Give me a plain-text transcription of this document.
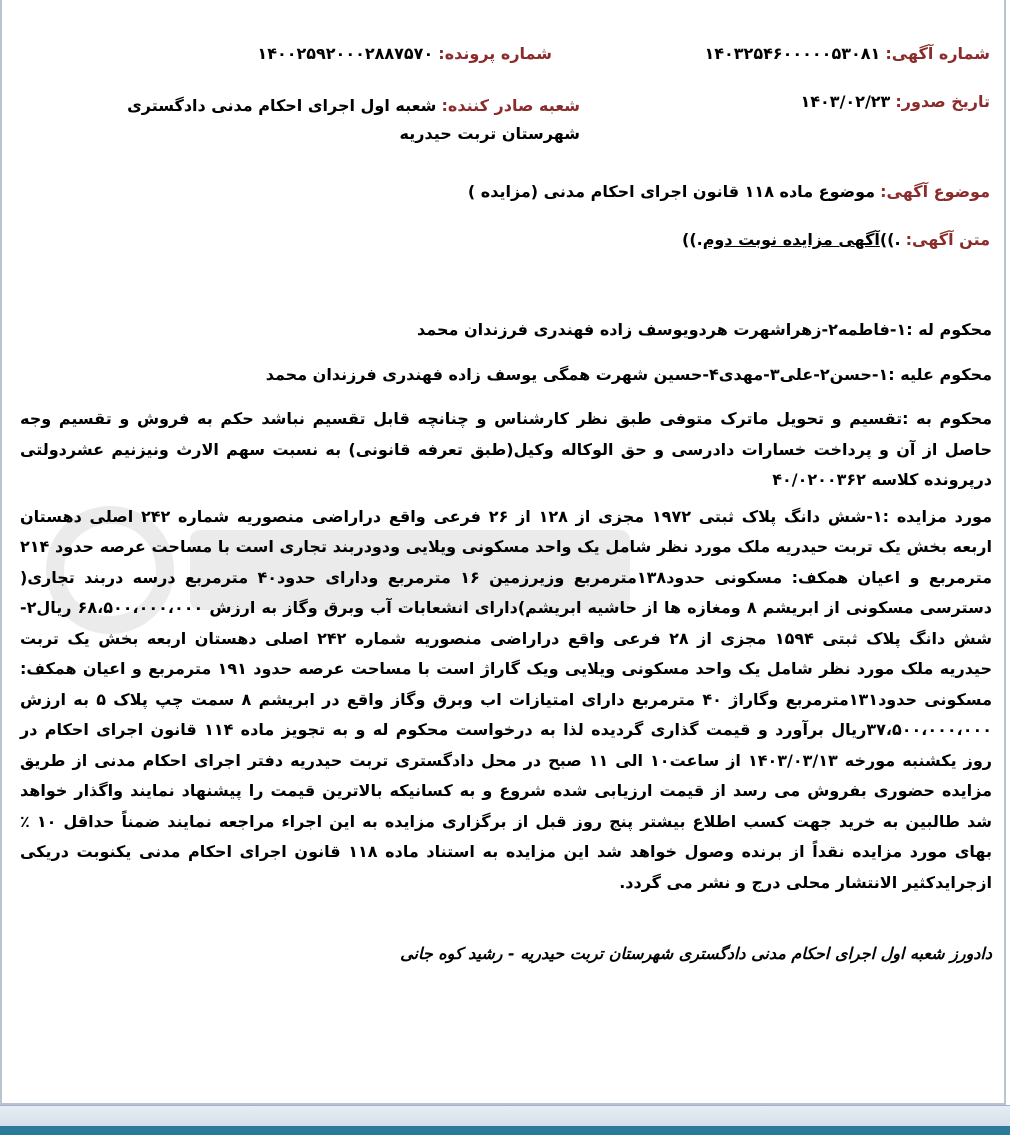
شماره آگهی: ۱۴۰۳۲۵۴۶۰۰۰۰۰۵۳۰۸۱
شماره پرونده: ۱۴۰۰۲۵۹۲۰۰۰۲۸۸۷۵۷۰
تاریخ صدور: ۱۴۰۳/۰۲/۲۳
شعبه صادر کننده: شعبه اول اجرای احکام مدنی دادگستری شهرستان تربت حیدریه
موضوع آگهی: موضوع ماده ۱۱۸ قانون اجرای احکام مدنی (مزایده )
متن آگهی: .))آگهی مزایده نوبت دوم.))

محکوم له :۱-فاطمه۲-زهراشهرت هردویوسف زاده فهندری فرزندان محمد

محکوم علیه :۱-حسن۲-علی۳-مهدی۴-حسین شهرت همگی یوسف زاده فهندری فرزندان محمد

محکوم به :تقسیم و تحویل ماترک متوفی طبق نظر کارشناس و چنانچه قابل تقسیم نباشد حکم به فروش و تقسیم وجه حاصل از آن و پرداخت خسارات دادرسی و حق الوکاله وکیل(طبق تعرفه قانونی) به نسبت سهم الارث ونیزنیم عشردولتی درپرونده کلاسه ۴۰/۰۲۰۰۳۶۲

مورد مزایده :۱-شش دانگ پلاک ثبتی ۱۹۷۲ مجزی از ۱۲۸ از ۲۶ فرعی واقع دراراضی منصوریه شماره ۲۴۲ اصلی دهستان اربعه بخش یک تربت حیدریه ملک مورد نظر شامل یک واحد مسکونی ویلایی ودودربند تجاری است با مساحت عرصه حدود ۲۱۴ مترمربع و اعیان همکف: مسکونی حدود۱۳۸مترمربع وزیرزمین ۱۶ مترمربع ودارای حدود۴۰ مترمربع درسه دربند تجاری( دسترسی مسکونی از ابریشم ۸ ومغازه ها از حاشیه ابریشم)دارای انشعابات آب وبرق وگاز به ارزش ۶۸،۵۰۰،۰۰۰،۰۰۰ ریال۲-شش دانگ پلاک ثبتی ۱۵۹۴ مجزی از ۲۸ فرعی واقع دراراضی منصوریه شماره ۲۴۲ اصلی دهستان اربعه بخش یک تربت حیدریه ملک مورد نظر شامل یک واحد مسکونی ویلایی ویک گاراژ است با مساحت عرصه حدود ۱۹۱ مترمربع و اعیان همکف: مسکونی حدود۱۳۱مترمربع وگاراژ ۴۰ مترمربع دارای امتیازات اب وبرق وگاز واقع در ابریشم ۸ سمت چپ پلاک ۵ به ارزش ۳۷،۵۰۰،۰۰۰،۰۰۰ریال برآورد و قیمت گذاری گردیده لذا به درخواست محکوم له و به تجویز ماده ۱۱۴ قانون اجرای احکام در روز یکشنبه مورخه ۱۴۰۳/۰۳/۱۳ از ساعت۱۰ الی ۱۱ صبح در محل دادگستری تربت حیدریه دفتر اجرای احکام مدنی از طریق مزایده حضوری بفروش می رسد از قیمت ارزیابی شده شروع و به کسانیکه بالاترین قیمت را پیشنهاد نمایند واگذار خواهد شد طالبین به خرید جهت کسب اطلاع بیشتر پنج روز قبل از برگزاری مزایده به این اجراء مراجعه نمایند ضمناً حداقل ۱۰ ٪ بهای مورد مزایده نقداً از برنده وصول خواهد شد این مزایده به استناد ماده ۱۱۸ قانون اجرای احکام مدنی یکنوبت دریکی ازجرایدکثیر الانتشار محلی درج و نشر می گردد.

دادورز شعبه اول اجرای احکام مدنی دادگستری شهرستان تربت حیدریه - رشید کوه جانی
